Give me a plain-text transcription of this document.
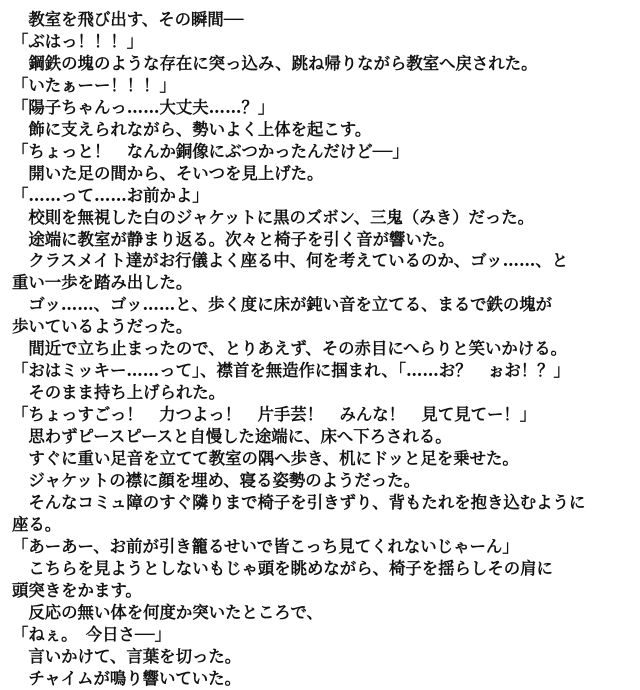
　教室を飛び出す、その瞬間──
「ぶはっ！！！」
　鋼鉄の塊のような存在に突っ込み、跳ね帰りながら教室へ戻された。
「いたぁーー！！！」
「陽子ちゃんっ……大丈夫……？」
　飾に支えられながら、勢いよく上体を起こす。
「ちょっと！　なんか銅像にぶつかったんだけど──」
　開いた足の間から、そいつを見上げた。
「……って……お前かよ」
　校則を無視した白のジャケットに黒のズボン、三鬼（みき）だった。
　途端に教室が静まり返る。次々と椅子を引く音が響いた。
　クラスメイト達がお行儀よく座る中、何を考えているのか、ゴッ……、と
重い一歩を踏み出した。
　ゴッ……、ゴッ……と、歩く度に床が鈍い音を立てる、まるで鉄の塊が
歩いているようだった。
　間近で立ち止まったので、とりあえず、その赤目にへらりと笑いかける。
「おはミッキー……って」、襟首を無造作に掴まれ、「……お？　ぉお！？」
　そのまま持ち上げられた。
「ちょっすごっ！　力つよっ！　片手芸！　みんな！　見て見てー！」
　思わずピースピースと自慢した途端に、床へ下ろされる。
　すぐに重い足音を立てて教室の隅へ歩き、机にドッと足を乗せた。
　ジャケットの襟に顔を埋め、寝る姿勢のようだった。
　そんなコミュ障のすぐ隣りまで椅子を引きずり、背もたれを抱き込むように
座る。
「あーあー、お前が引き籠るせいで皆こっち見てくれないじゃーん」
　こちらを見ようとしないもじゃ頭を眺めながら、椅子を揺らしその肩に
頭突きをかます。
　反応の無い体を何度か突いたところで、
「ねぇ。　今日さ──」
　言いかけて、言葉を切った。
　チャイムが鳴り響いていた。
